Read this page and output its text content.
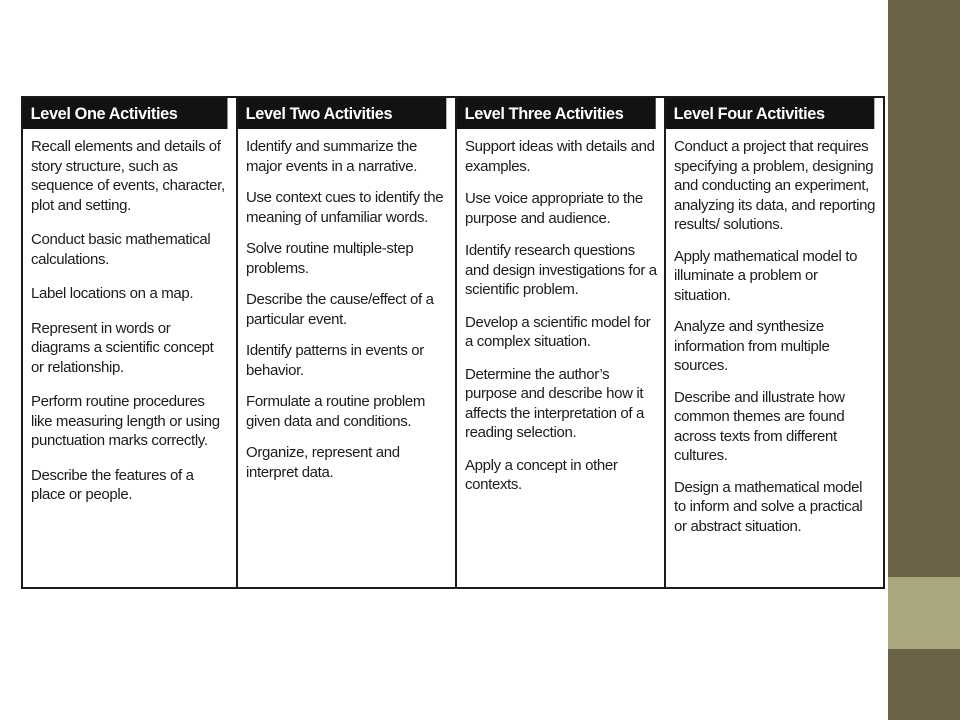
Level One Activities

Recall elements and details of story structure, such as sequence of events, character, plot and setting.

Conduct basic mathematical calculations.

Label locations on a map.

Represent in words or diagrams a scientific concept or relationship.

Perform routine procedures like measuring length or using punctuation marks correctly.

Describe the features of a place or people.

Level Two Activities

Identify and summarize the major events in a narrative.

Use context cues to identify the meaning of unfamiliar words.

Solve routine multiple-step problems.

Describe the cause/effect of a particular event.

Identify patterns in events or behavior.

Formulate a routine problem given data and conditions.

Organize, represent and interpret data.

Level Three Activities

Support ideas with details and examples.

Use voice appropriate to the purpose and audience.

Identify research questions and design investigations for a scientific problem.

Develop a scientific model for a complex situation.

Determine the author’s purpose and describe how it affects the interpretation of a reading selection.

Apply a concept in other contexts.

Level Four Activities

Conduct a project that requires specifying a problem, designing and conducting an experiment, analyzing its data, and reporting results/ solutions.

Apply mathematical model to illuminate a problem or situation.

Analyze and synthesize information from multiple sources.

Describe and illustrate how common themes are found across texts from different cultures.

Design a mathematical model to inform and solve a practical or abstract situation.
